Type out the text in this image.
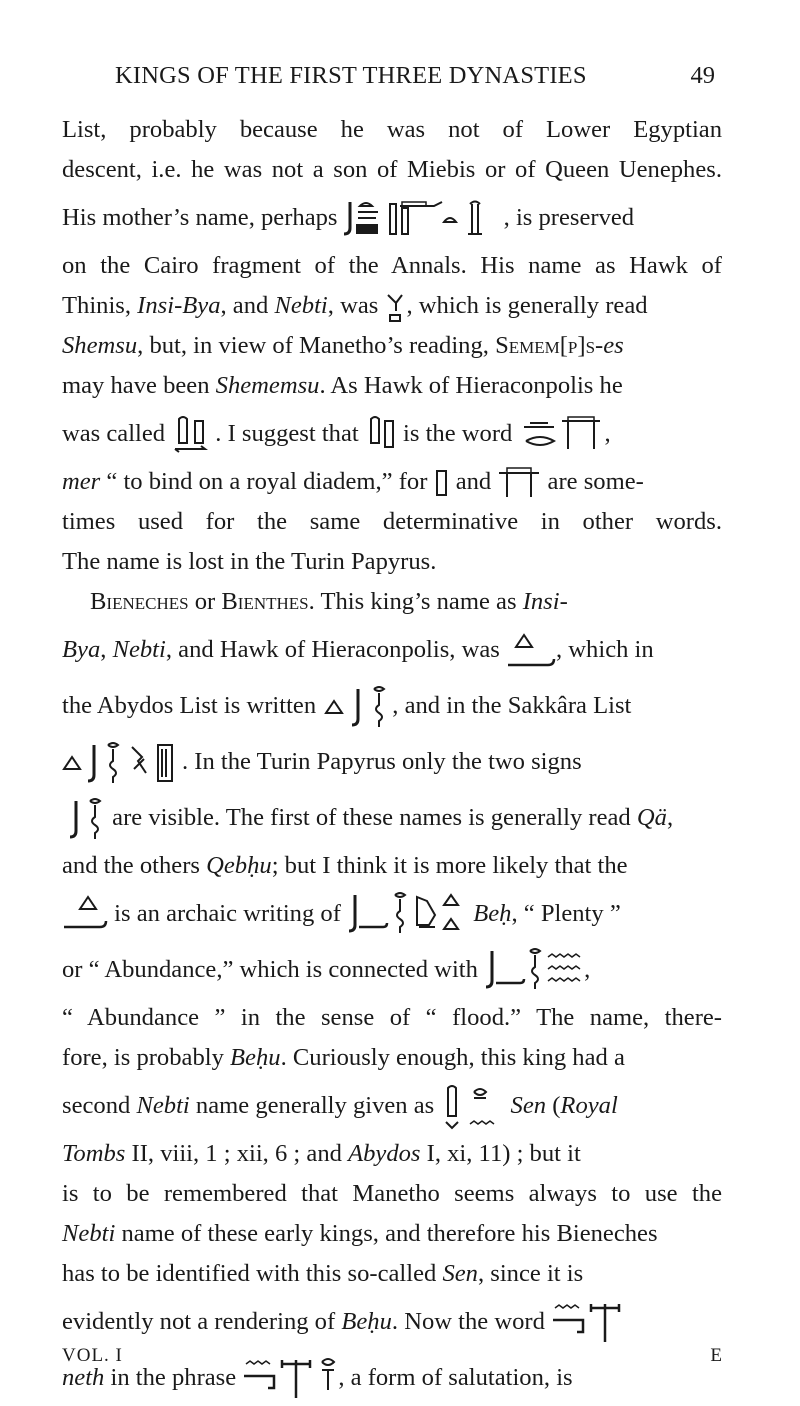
KINGS OF THE FIRST THREE DYNASTIES	49
List, probably because he was not of Lower Egyptian
descent, i.e. he was not a son of Miebis or of Queen Uenephes.
His mother’s name, perhaps	, is preserved
on the Cairo fragment of the Annals. His name as Hawk of
Thinis, Insi-Bya, and Nebti, was , which is generally read
Shemsu, but, in view of Manetho’s reading, Semem[p]s-es
may have been Shememsu. As Hawk of Hieraconpolis he
was called . I suggest that is the word	,
mer “ to bind on a royal diadem,” for and are some-
times used for the same determinative in other words.
The name is lost in the Turin Papyrus.
Bieneches or Bienthes. This king’s name as Insi-
Bya, Nebti, and Hawk of Hieraconpolis, was , which in
the Abydos List is written	, and in the Sakkâra List
. In the Turin Papyrus only the two signs
are visible. The first of these names is generally read Qä,
and the others Qebḥu; but I think it is more likely that the
is an archaic writing of	Beḥ, “ Plenty ”
or “ Abundance,” which is connected with	,
“ Abundance ” in the sense of “ flood.” The name, there-
fore, is probably Beḥu. Curiously enough, this king had a
second Nebti name generally given as	Sen (Royal
Tombs II, viii, 1 ; xii, 6 ; and Abydos I, xi, 11) ; but it
is to be remembered that Manetho seems always to use the
Nebti name of these early kings, and therefore his Bieneches
has to be identified with this so-called Sen, since it is
evidently not a rendering of Beḥu. Now the word
neth in the phrase	, a form of salutation, is
VOL. I	E
